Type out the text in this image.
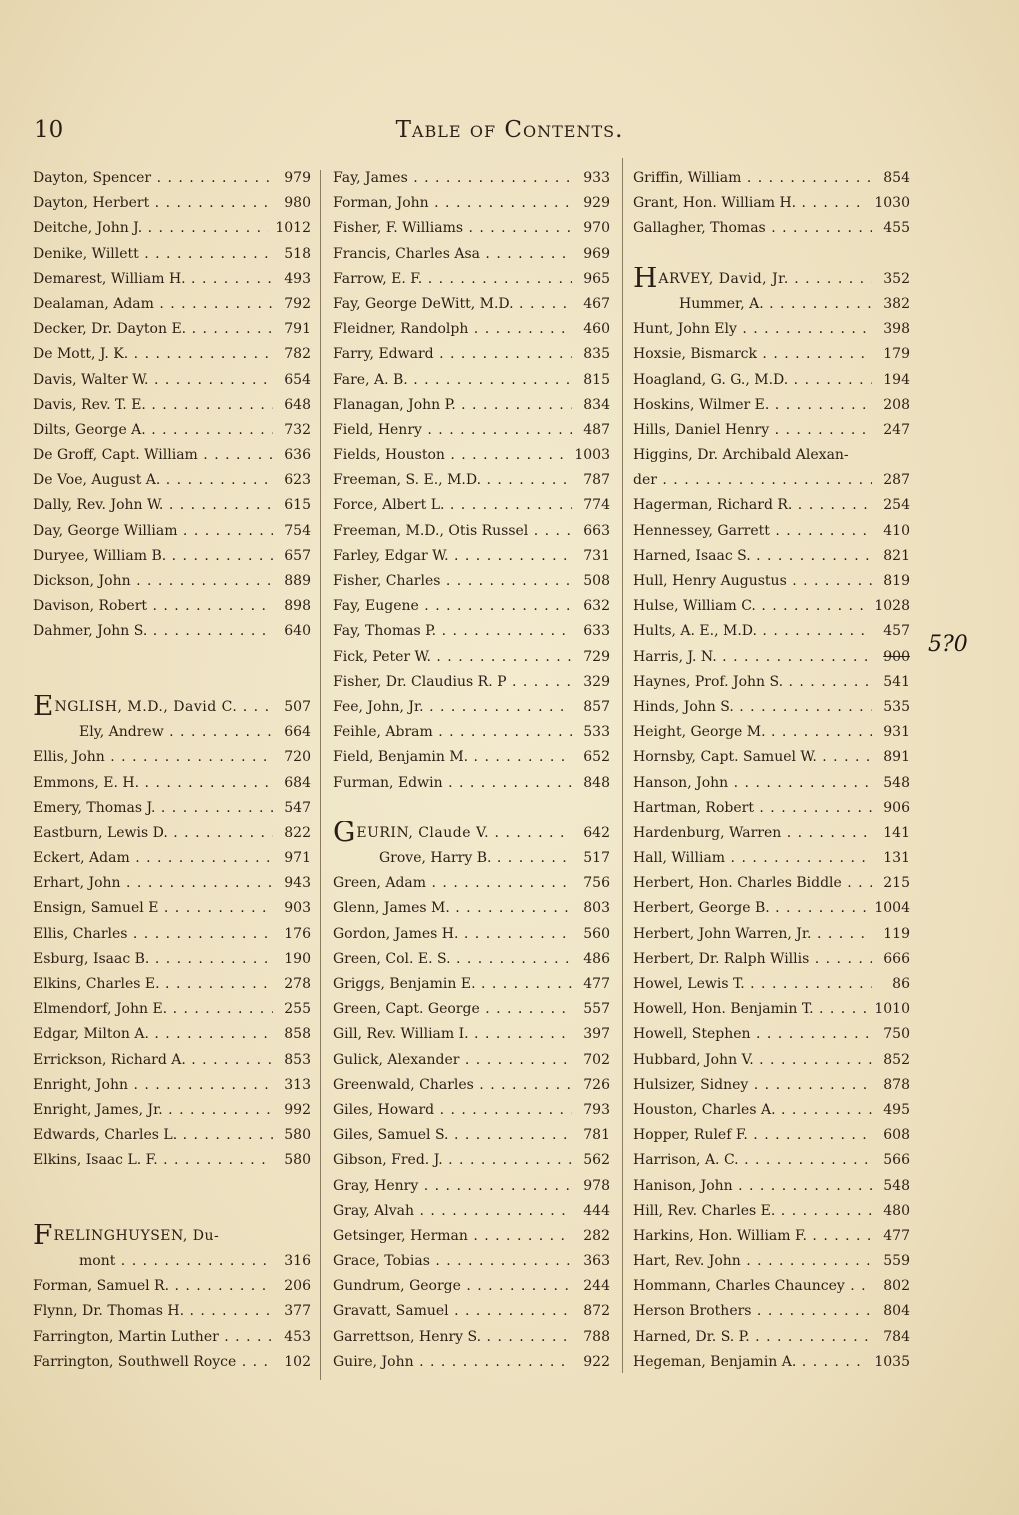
10	Table of Contents.
Dayton, Spencer . . .	979
Dayton, Herbert . . .	980
Deitche, John J. . . .	1012
Denike, Willett . . .	518
Demarest, William H. . . .	493
Dealaman, Adam . . .	792
Decker, Dr. Dayton E. . . .	791
De Mott, J. K. . . .	782
Davis, Walter W. . . .	654
Davis, Rev. T. E. . . .	648
Dilts, George A. . . .	732
De Groff, Capt. William . . .	636
De Voe, August A. . . .	623
Dally, Rev. John W. . . .	615
Day, George William . . .	754
Duryee, William B. . . .	657
Dickson, John . . .	889
Davison, Robert . . .	898
Dahmer, John S. . . .	640
ENGLISH, M.D., David C. . . .	507
Ely, Andrew . . .	664
Ellis, John . . .	720
Emmons, E. H. . . .	684
Emery, Thomas J. . . .	547
Eastburn, Lewis D. . . .	822
Eckert, Adam . . .	971
Erhart, John . . .	943
Ensign, Samuel E . . .	903
Ellis, Charles . . .	176
Esburg, Isaac B. . . .	190
Elkins, Charles E. . . .	278
Elmendorf, John E. . . .	255
Edgar, Milton A. . . .	858
Errickson, Richard A. . . .	853
Enright, John . . .	313
Enright, James, Jr. . . .	992
Edwards, Charles L. . . .	580
Elkins, Isaac L. F. . . .	580
FRELINGHUYSEN, Du-
mont . . .	316
Forman, Samuel R. . . .	206
Flynn, Dr. Thomas H. . . .	377
Farrington, Martin Luther . . .	453
Farrington, Southwell Royce . . .	102
Fay, James . . .	933
Forman, John . . .	929
Fisher, F. Williams . . .	970
Francis, Charles Asa . . .	969
Farrow, E. F. . . .	965
Fay, George DeWitt, M.D. . . .	467
Fleidner, Randolph . . .	460
Farry, Edward . . .	835
Fare, A. B. . . .	815
Flanagan, John P. . . .	834
Field, Henry . . .	487
Fields, Houston . . .	1003
Freeman, S. E., M.D. . . .	787
Force, Albert L. . . .	774
Freeman, M.D., Otis Russel . . .	663
Farley, Edgar W. . . .	731
Fisher, Charles . . .	508
Fay, Eugene . . .	632
Fay, Thomas P. . . .	633
Fick, Peter W. . . .	729
Fisher, Dr. Claudius R. P . . .	329
Fee, John, Jr. . . .	857
Feihle, Abram . . .	533
Field, Benjamin M. . . .	652
Furman, Edwin . . .	848
GEURIN, Claude V. . . .	642
Grove, Harry B. . . .	517
Green, Adam . . .	756
Glenn, James M. . . .	803
Gordon, James H. . . .	560
Green, Col. E. S. . . .	486
Griggs, Benjamin E. . . .	477
Green, Capt. George . . .	557
Gill, Rev. William I. . . .	397
Gulick, Alexander . . .	702
Greenwald, Charles . . .	726
Giles, Howard . . .	793
Giles, Samuel S. . . .	781
Gibson, Fred. J. . . .	562
Gray, Henry . . .	978
Gray, Alvah . . .	444
Getsinger, Herman . . .	282
Grace, Tobias . . .	363
Gundrum, George . . .	244
Gravatt, Samuel . . .	872
Garrettson, Henry S. . . .	788
Guire, John . . .	922
Griffin, William . . .	854
Grant, Hon. William H. . . .	1030
Gallagher, Thomas . . .	455
HARVEY, David, Jr. . . .	352
Hummer, A. . . .	382
Hunt, John Ely . . .	398
Hoxsie, Bismarck . . .	179
Hoagland, G. G., M.D. . . .	194
Hoskins, Wilmer E. . . .	208
Hills, Daniel Henry . . .	247
Higgins, Dr. Archibald Alexan-
der . . .	287
Hagerman, Richard R. . . .	254
Hennessey, Garrett . . .	410
Harned, Isaac S. . . .	821
Hull, Henry Augustus . . .	819
Hulse, William C. . . .	1028
Hults, A. E., M.D. . . .	457
Harris, J. N. . . .	900
Haynes, Prof. John S. . . .	541
Hinds, John S. . . .	535
Height, George M. . . .	931
Hornsby, Capt. Samuel W. . . .	891
Hanson, John . . .	548
Hartman, Robert . . .	906
Hardenburg, Warren . . .	141
Hall, William . . .	131
Herbert, Hon. Charles Biddle . . .	215
Herbert, George B. . . .	1004
Herbert, John Warren, Jr. . . .	119
Herbert, Dr. Ralph Willis . . .	666
Howel, Lewis T. . . .	86
Howell, Hon. Benjamin T. . . .	1010
Howell, Stephen . . .	750
Hubbard, John V. . . .	852
Hulsizer, Sidney . . .	878
Houston, Charles A. . . .	495
Hopper, Rulef F. . . .	608
Harrison, A. C. . . .	566
Hanison, John . . .	548
Hill, Rev. Charles E. . . .	480
Harkins, Hon. William F. . . .	477
Hart, Rev. John . . .	559
Hommann, Charles Chauncey . . .	802
Herson Brothers . . .	804
Harned, Dr. S. P. . . .	784
Hegeman, Benjamin A. . . .	1035
5?0
